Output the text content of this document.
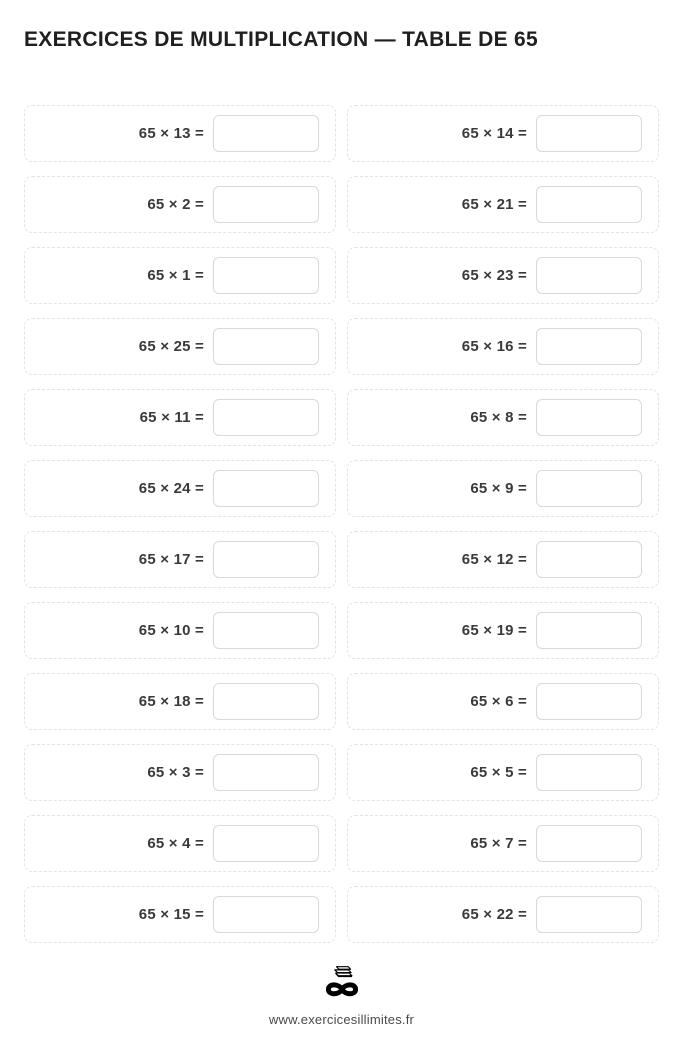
EXERCICES DE MULTIPLICATION — TABLE DE 65
65 × 13 =	65 × 14 =
65 × 2 =	65 × 21 =
65 × 1 =	65 × 23 =
65 × 25 =	65 × 16 =
65 × 11 =	65 × 8 =
65 × 24 =	65 × 9 =
65 × 17 =	65 × 12 =
65 × 10 =	65 × 19 =
65 × 18 =	65 × 6 =
65 × 3 =	65 × 5 =
65 × 4 =	65 × 7 =
65 × 15 =	65 × 22 =
www.exercicesillimites.fr
